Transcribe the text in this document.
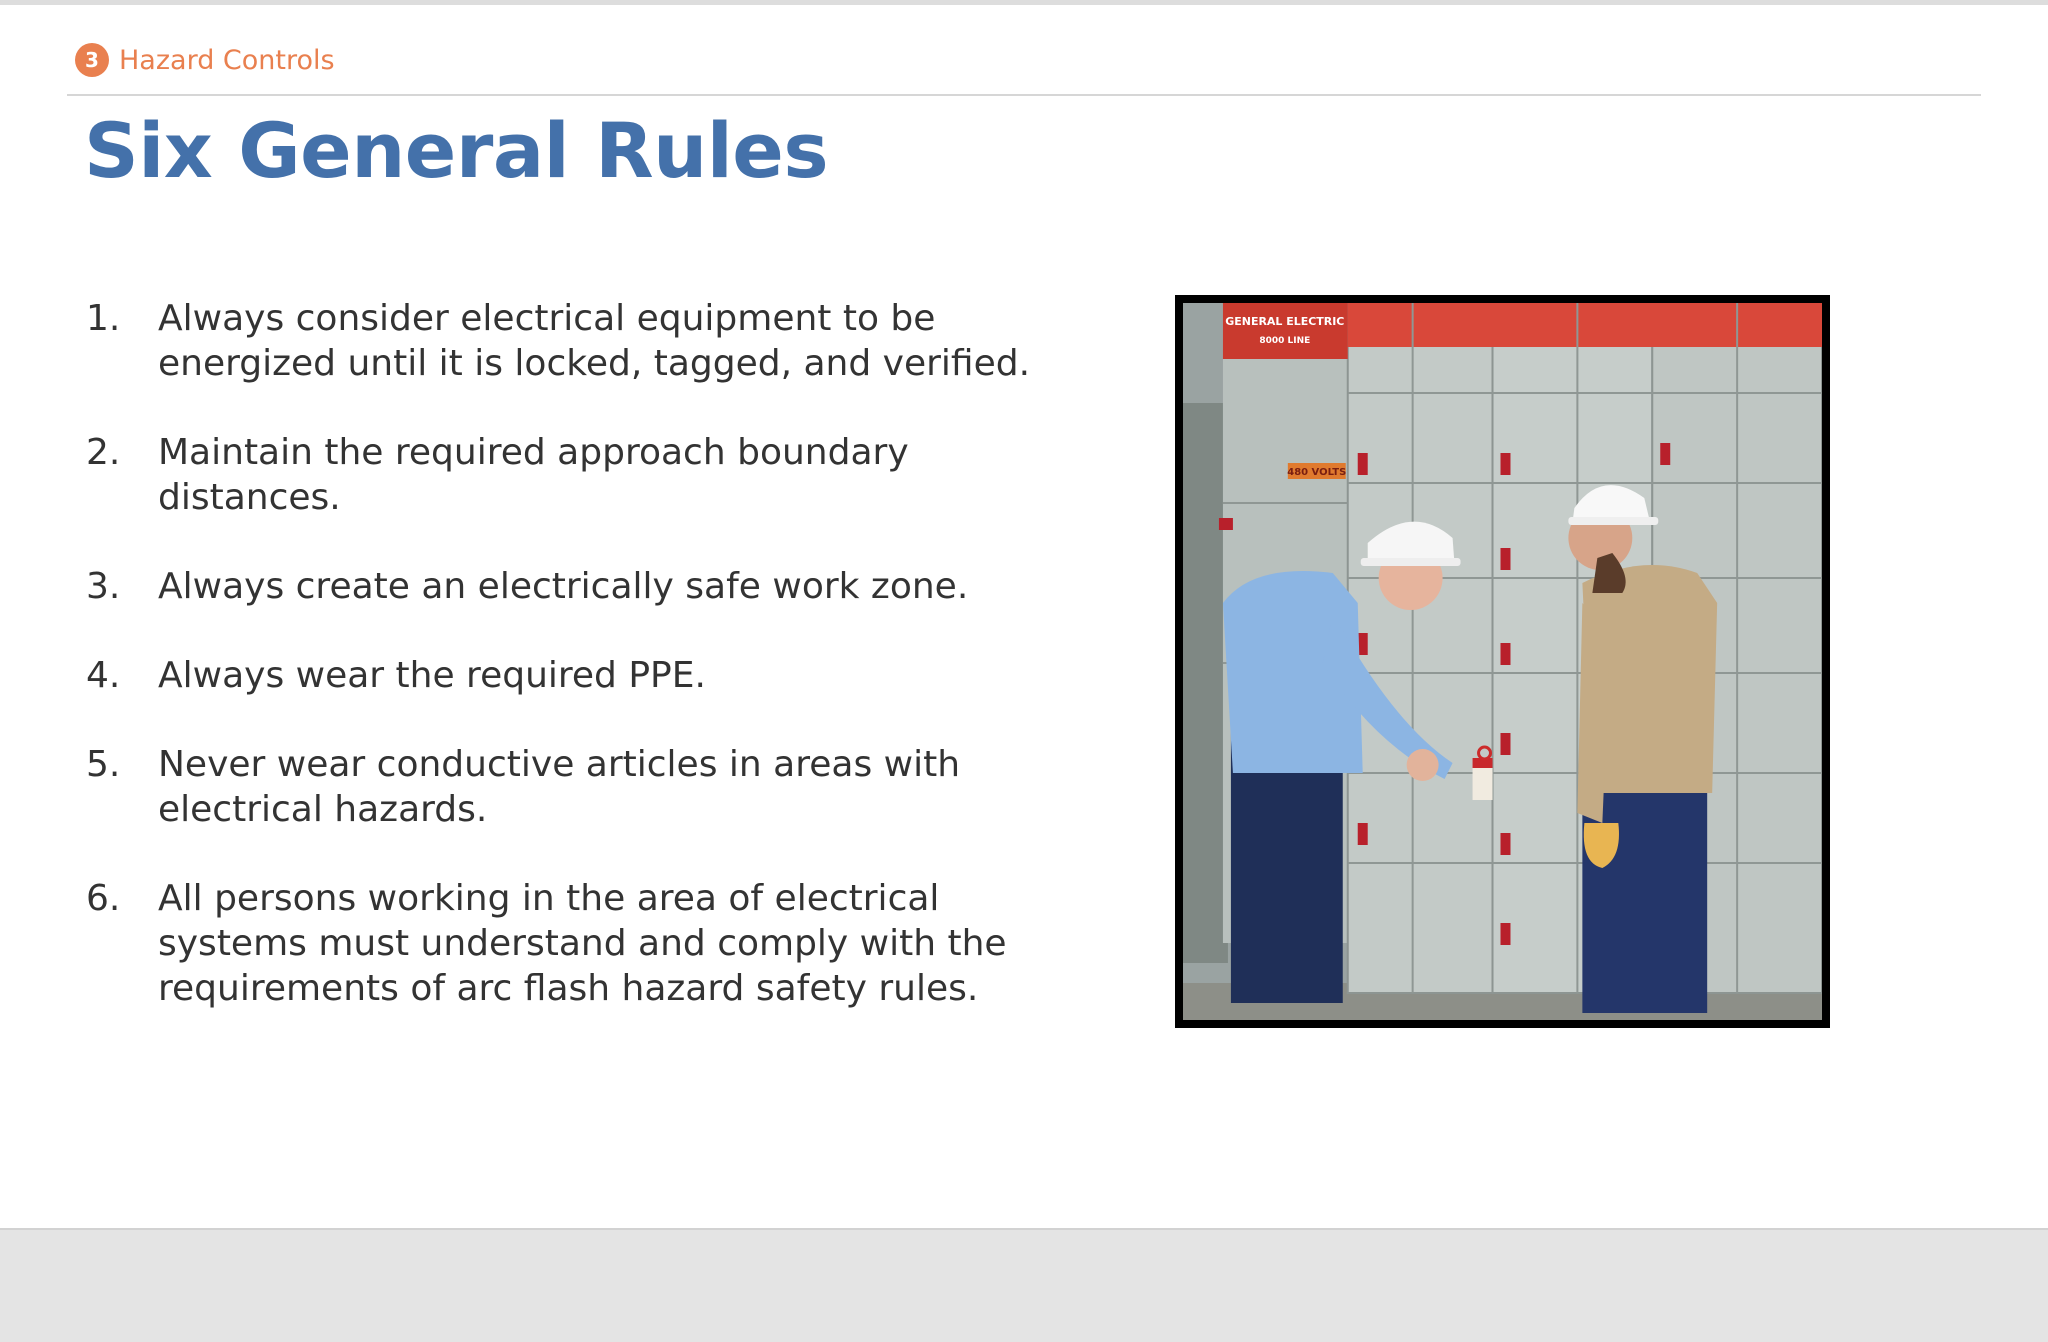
3 Hazard Controls
Six General Rules
1.	Always consider electrical equipment to be
energized until it is locked, tagged, and verified.
2.	Maintain the required approach boundary
distances.
3.	Always create an electrically safe work zone.
4.	Always wear the required PPE.
5.	Never wear conductive articles in areas with
electrical hazards.
6.	All persons working in the area of electrical
systems must understand and comply with the
requirements of arc flash hazard safety rules.
GENERAL ELECTRIC
8000 LINE
480 VOLTS
